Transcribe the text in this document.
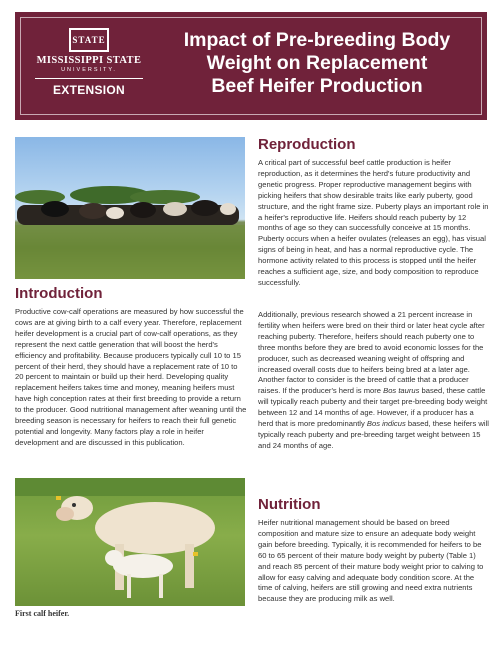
STATE
MISSISSIPPI STATE
UNIVERSITY.
EXTENSION
Impact of Pre-breeding Body
Weight on Replacement
Beef Heifer Production
Introduction

Productive cow-calf operations are measured by how successful the cows are at giving birth to a calf every year. Therefore, replacement heifer development is a crucial part of cow-calf operations, as they represent the next cattle generation that will boost the herd's efficiency and profitability. Because producers typically cull 10 to 15 percent of their herd, they should have a replacement rate of 10 to 20 percent to maintain or build up their herd. Developing quality replacement heifers takes time and money, meaning heifers must have high conception rates at their first breeding to provide a return to the producer. Good nutritional management after weaning until the breeding season is necessary for heifers to reach their full genetic potential and longevity. Many factors play a role in heifer development and are discussed in this publication.

First calf heifer.
Reproduction

A critical part of successful beef cattle production is heifer reproduction, as it determines the herd's future productivity and genetic progress. Proper reproductive management begins with picking heifers that show desirable traits like early puberty, good structure, and the right frame size. Puberty plays an important role in a heifer's reproductive life. Heifers should reach puberty by 12 months of age so they can successfully conceive at 15 months. Puberty occurs when a heifer ovulates (releases an egg), has visual signs of being in heat, and has a normal reproductive cycle. The hormone activity related to this process is stopped until the heifer reaches a sufficient age, size, and body composition to reproduce successfully.

Additionally, previous research showed a 21 percent increase in fertility when heifers were bred on their third or later heat cycle after reaching puberty. Therefore, heifers should reach puberty one to three months before they are bred to avoid economic losses for the producer, such as decreased weaning weight of offspring and increased overall costs due to heifers being bred at a later age. Another factor to consider is the breed of cattle that a producer raises. If the producer's herd is more Bos taurus based, these cattle will typically reach puberty and their target pre-breeding body weight between 12 and 14 months of age. However, if a producer has a herd that is more predominantly Bos indicus based, these heifers will typically reach puberty and pre-breeding target weight between 15 and 24 months of age.

Nutrition

Heifer nutritional management should be based on breed composition and mature size to ensure an adequate body weight gain before breeding. Typically, it is recommended for heifers to be 60 to 65 percent of their mature body weight by puberty (Table 1) and reach 85 percent of their mature body weight prior to calving to allow for easy calving and adequate body condition score. At the time of calving, heifers are still growing and need extra nutrients because they are producing milk as well.
